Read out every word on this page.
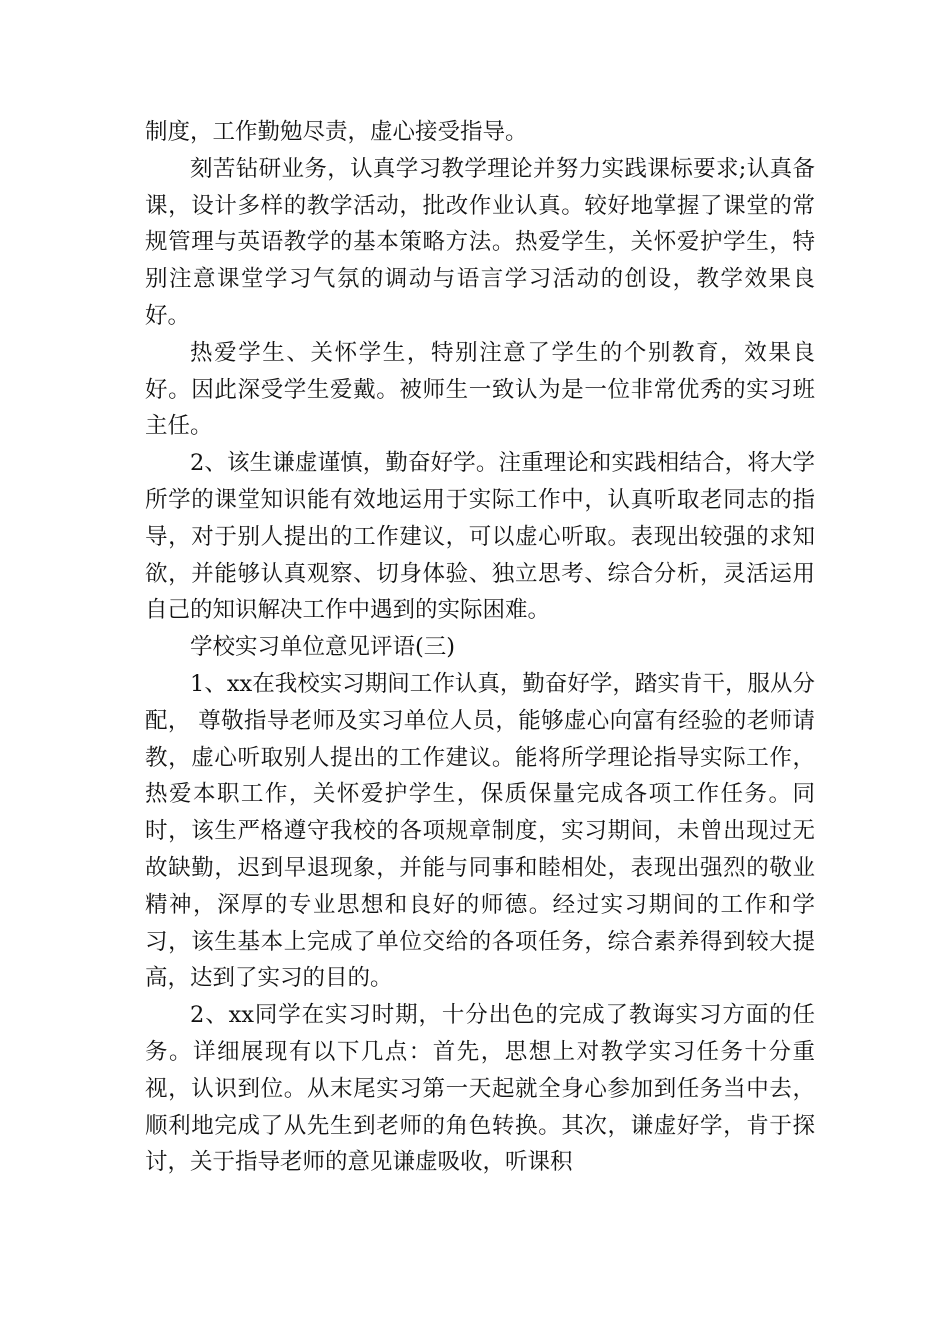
制度，工作勤勉尽责，虚心接受指导。

刻苦钻研业务，认真学习教学理论并努力实践课标要求;认真备课，设计多样的教学活动，批改作业认真。较好地掌握了课堂的常规管理与英语教学的基本策略方法。热爱学生，关怀爱护学生，特别注意课堂学习气氛的调动与语言学习活动的创设，教学效果良好。

热爱学生、关怀学生，特别注意了学生的个别教育，效果良好。因此深受学生爱戴。被师生一致认为是一位非常优秀的实习班主任。

2、该生谦虚谨慎，勤奋好学。注重理论和实践相结合，将大学所学的课堂知识能有效地运用于实际工作中，认真听取老同志的指导，对于别人提出的工作建议，可以虚心听取。表现出较强的求知欲，并能够认真观察、切身体验、独立思考、综合分析，灵活运用自己的知识解决工作中遇到的实际困难。

学校实习单位意见评语(三)

1、xx在我校实习期间工作认真，勤奋好学，踏实肯干，服从分配， 尊敬指导老师及实习单位人员，能够虚心向富有经验的老师请教，虚心听取别人提出的工作建议。能将所学理论指导实际工作，热爱本职工作，关怀爱护学生，保质保量完成各项工作任务。同时，该生严格遵守我校的各项规章制度，实习期间，未曾出现过无故缺勤，迟到早退现象，并能与同事和睦相处，表现出强烈的敬业精神，深厚的专业思想和良好的师德。经过实习期间的工作和学习，该生基本上完成了单位交给的各项任务，综合素养得到较大提高，达到了实习的目的。

2、xx同学在实习时期，十分出色的完成了教诲实习方面的任务。详细展现有以下几点：首先，思想上对教学实习任务十分重视，认识到位。从末尾实习第一天起就全身心参加到任务当中去，顺利地完成了从先生到老师的角色转换。其次，谦虚好学，肯于探讨，关于指导老师的意见谦虚吸收，听课积
